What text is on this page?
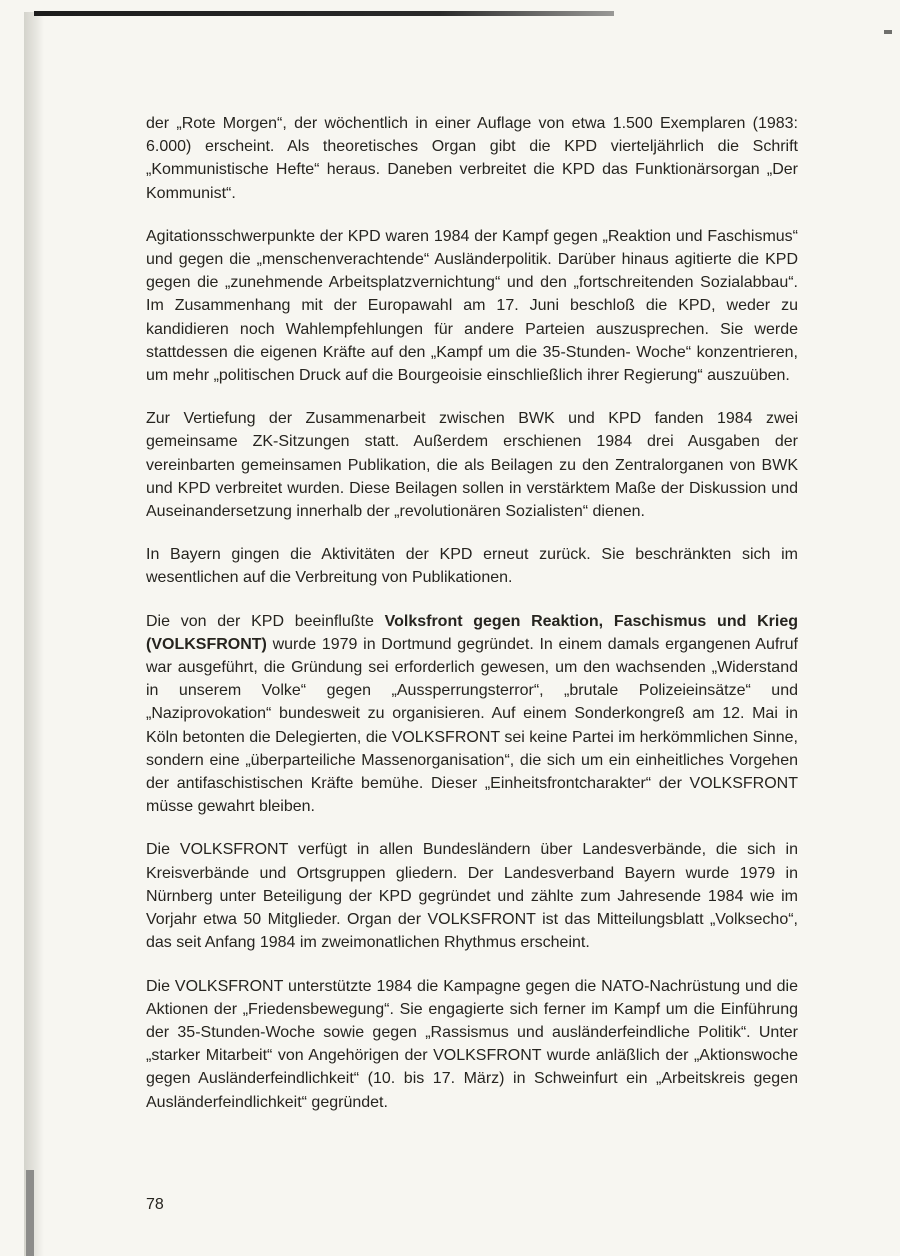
der „Rote Morgen“, der wöchentlich in einer Auflage von etwa 1.500 Exemplaren (1983: 6.000) erscheint. Als theoretisches Organ gibt die KPD vierteljährlich die Schrift „Kommunistische Hefte“ heraus. Daneben verbreitet die KPD das Funktionärsorgan „Der Kommunist“.

Agitationsschwerpunkte der KPD waren 1984 der Kampf gegen „Reaktion und Faschismus“ und gegen die „menschenverachtende“ Ausländerpolitik. Darüber hinaus agitierte die KPD gegen die „zunehmende Arbeitsplatzvernichtung“ und den „fortschreitenden Sozialabbau“. Im Zusammenhang mit der Europawahl am 17. Juni beschloß die KPD, weder zu kandidieren noch Wahlempfehlungen für andere Parteien auszusprechen. Sie werde stattdessen die eigenen Kräfte auf den „Kampf um die 35-Stunden- Woche“ konzentrieren, um mehr „politischen Druck auf die Bourgeoisie einschließlich ihrer Regierung“ auszuüben.

Zur Vertiefung der Zusammenarbeit zwischen BWK und KPD fanden 1984 zwei gemeinsame ZK-Sitzungen statt. Außerdem erschienen 1984 drei Ausgaben der vereinbarten gemeinsamen Publikation, die als Beilagen zu den Zentralorganen von BWK und KPD verbreitet wurden. Diese Beilagen sollen in verstärktem Maße der Diskussion und Auseinandersetzung innerhalb der „revolutionären Sozialisten“ dienen.

In Bayern gingen die Aktivitäten der KPD erneut zurück. Sie beschränkten sich im wesentlichen auf die Verbreitung von Publikationen.

Die von der KPD beeinflußte Volksfront gegen Reaktion, Faschismus und Krieg (VOLKSFRONT) wurde 1979 in Dortmund gegründet. In einem damals ergangenen Aufruf war ausgeführt, die Gründung sei erforderlich gewesen, um den wachsenden „Widerstand in unserem Volke“ gegen „Aussperrungsterror“, „brutale Polizeieinsätze“ und „Naziprovokation“ bundesweit zu organisieren. Auf einem Sonderkongreß am 12. Mai in Köln betonten die Delegierten, die VOLKSFRONT sei keine Partei im herkömmlichen Sinne, sondern eine „überparteiliche Massenorganisation“, die sich um ein einheitliches Vorgehen der antifaschistischen Kräfte bemühe. Dieser „Einheitsfrontcharakter“ der VOLKSFRONT müsse gewahrt bleiben.

Die VOLKSFRONT verfügt in allen Bundesländern über Landesverbände, die sich in Kreisverbände und Ortsgruppen gliedern. Der Landesverband Bayern wurde 1979 in Nürnberg unter Beteiligung der KPD gegründet und zählte zum Jahresende 1984 wie im Vorjahr etwa 50 Mitglieder. Organ der VOLKSFRONT ist das Mitteilungsblatt „Volksecho“, das seit Anfang 1984 im zweimonatlichen Rhythmus erscheint.

Die VOLKSFRONT unterstützte 1984 die Kampagne gegen die NATO-Nachrüstung und die Aktionen der „Friedensbewegung“. Sie engagierte sich ferner im Kampf um die Einführung der 35-Stunden-Woche sowie gegen „Rassismus und ausländerfeindliche Politik“. Unter „starker Mitarbeit“ von Angehörigen der VOLKSFRONT wurde anläßlich der „Aktionswoche gegen Ausländerfeindlichkeit“ (10. bis 17. März) in Schweinfurt ein „Arbeitskreis gegen Ausländerfeindlichkeit“ gegründet.

78
